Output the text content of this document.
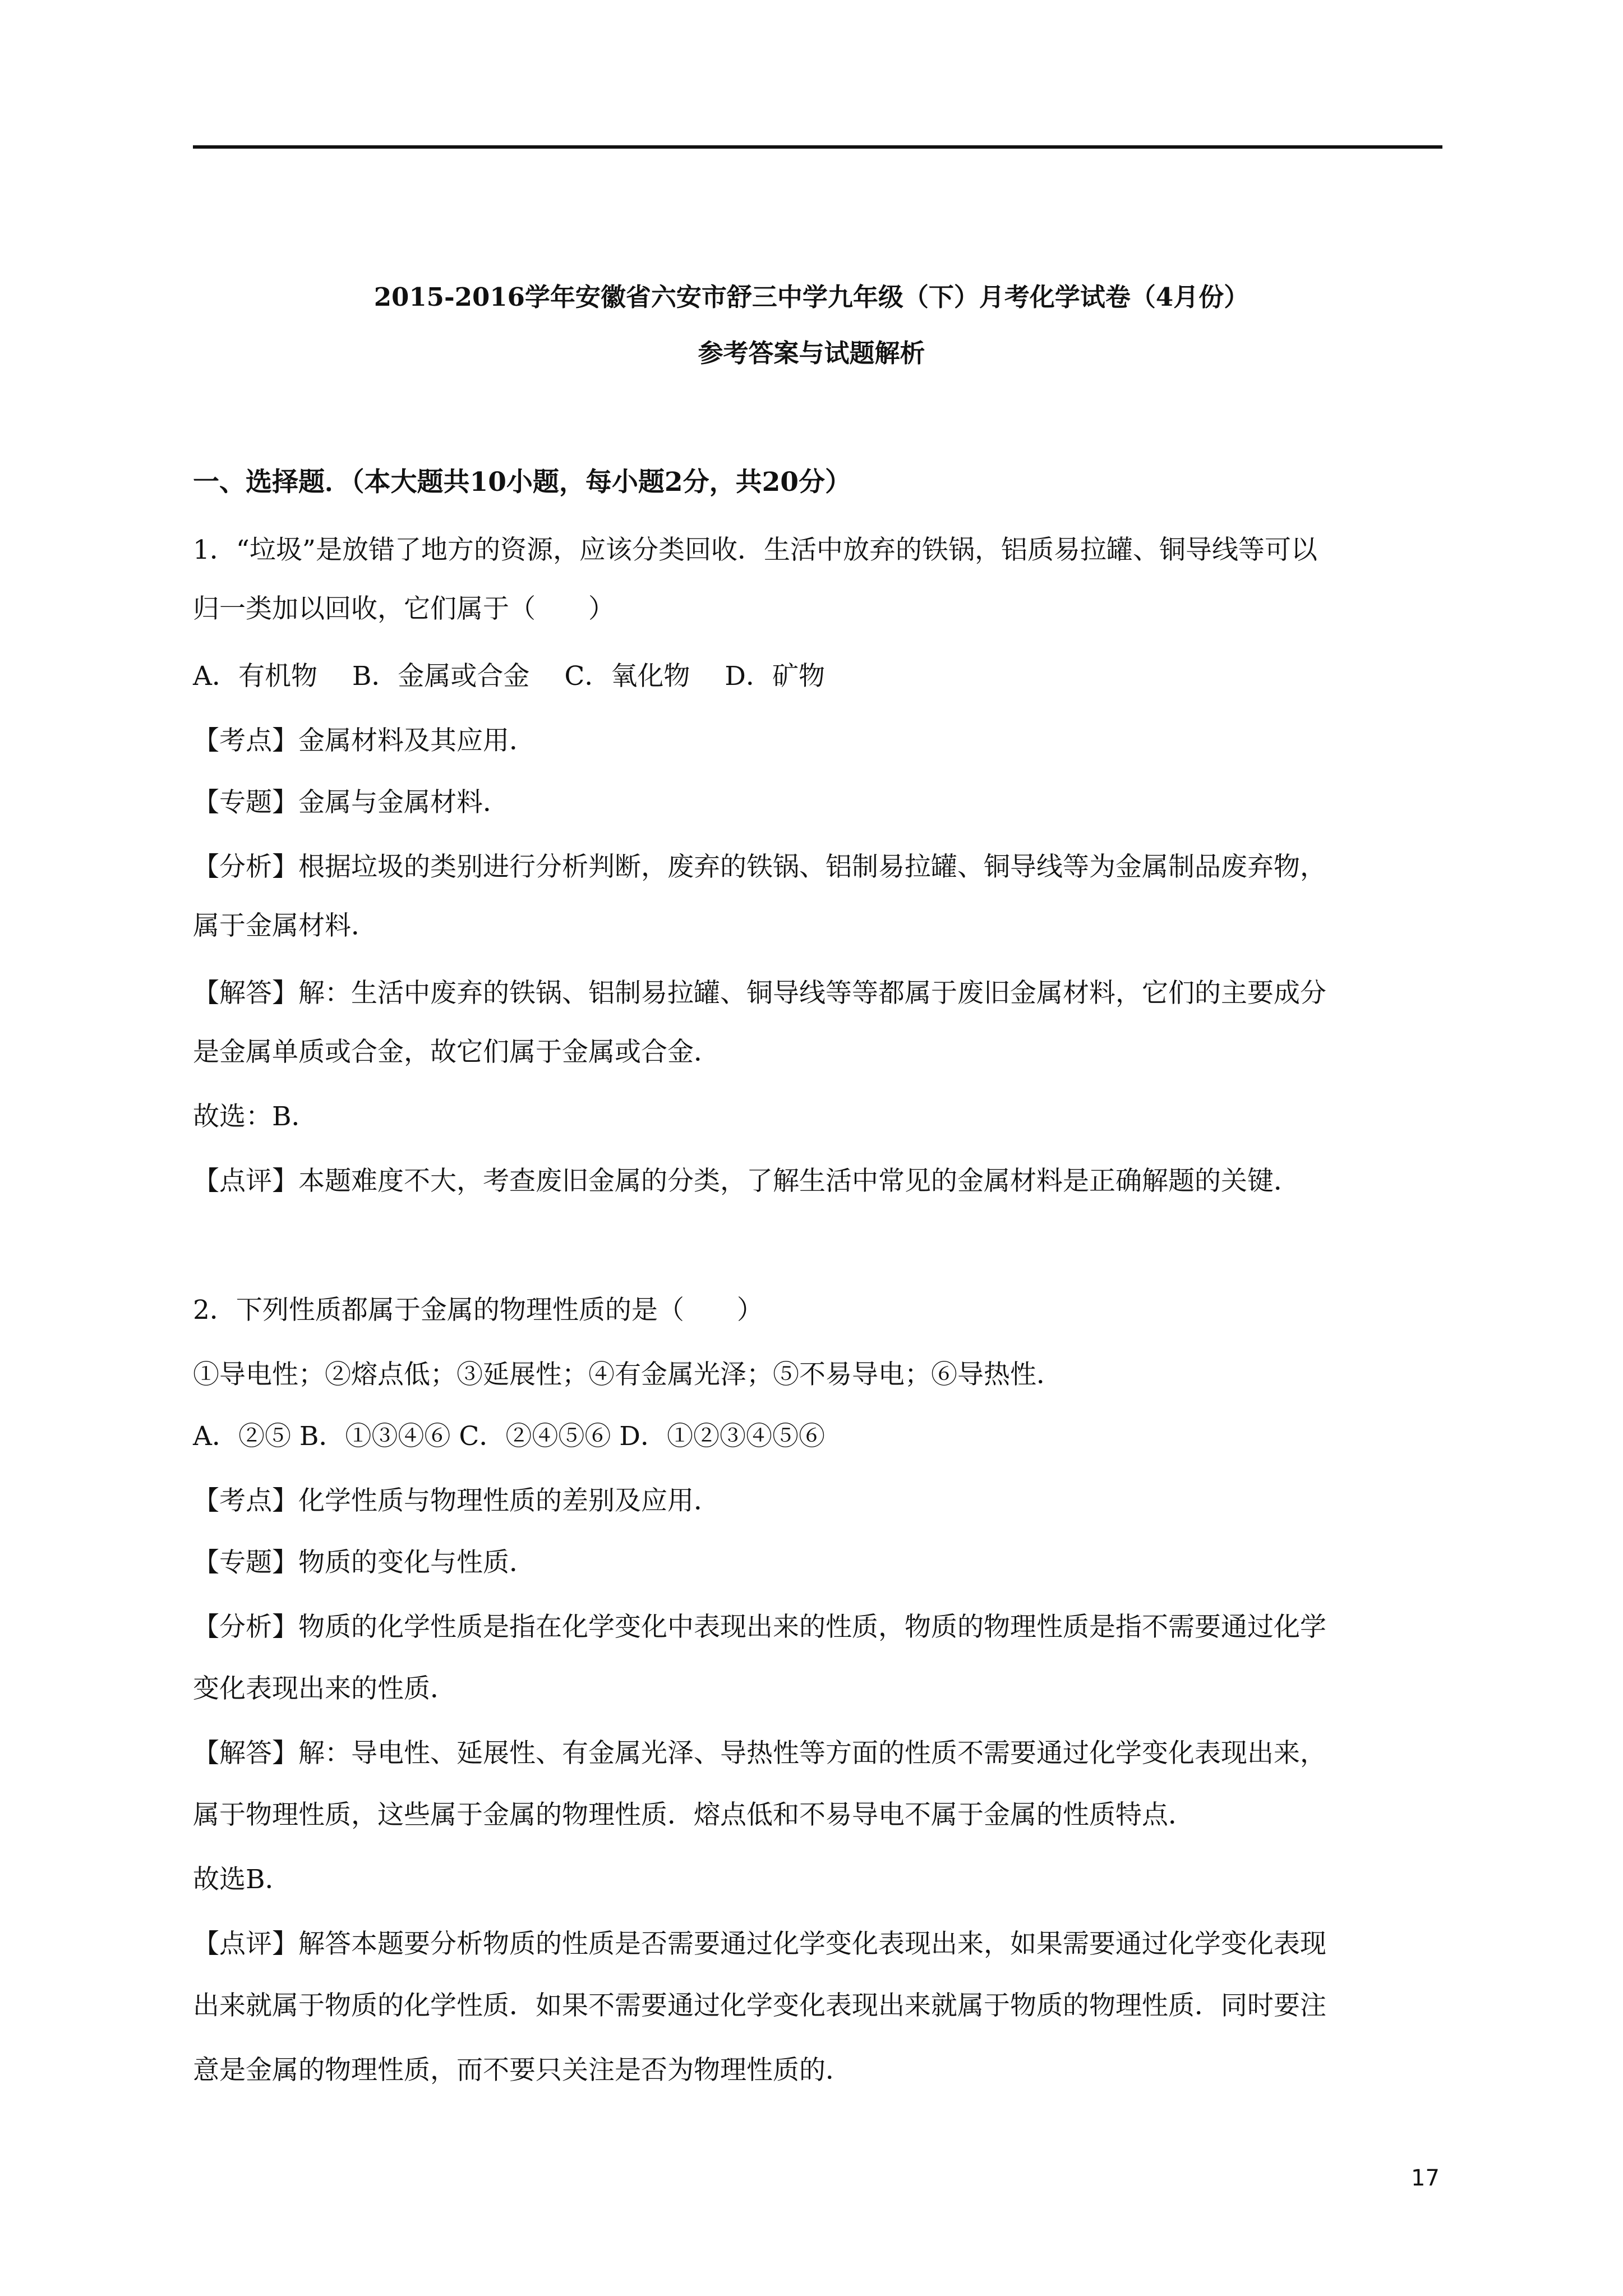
2015-2016学年安徽省六安市舒三中学九年级（下）月考化学试卷（4月份）
参考答案与试题解析
一、选择题．（本大题共10小题，每小题2分，共20分）
1．“垃圾”是放错了地方的资源，应该分类回收．生活中放弃的铁锅，铝质易拉罐、铜导线等可以
归一类加以回收，它们属于（　　）
A．有机物　 B．金属或合金　 C．氧化物　 D．矿物
【考点】金属材料及其应用．
【专题】金属与金属材料．
【分析】根据垃圾的类别进行分析判断，废弃的铁锅、铝制易拉罐、铜导线等为金属制品废弃物，
属于金属材料．
【解答】解：生活中废弃的铁锅、铝制易拉罐、铜导线等等都属于废旧金属材料，它们的主要成分
是金属单质或合金，故它们属于金属或合金．
故选：B．
【点评】本题难度不大，考查废旧金属的分类，了解生活中常见的金属材料是正确解题的关键．
2．下列性质都属于金属的物理性质的是（　　）
①导电性；②熔点低；③延展性；④有金属光泽；⑤不易导电；⑥导热性．
A．②⑤ B．①③④⑥ C．②④⑤⑥ D．①②③④⑤⑥
【考点】化学性质与物理性质的差别及应用．
【专题】物质的变化与性质．
【分析】物质的化学性质是指在化学变化中表现出来的性质，物质的物理性质是指不需要通过化学
变化表现出来的性质．
【解答】解：导电性、延展性、有金属光泽、导热性等方面的性质不需要通过化学变化表现出来，
属于物理性质，这些属于金属的物理性质．熔点低和不易导电不属于金属的性质特点．
故选B．
【点评】解答本题要分析物质的性质是否需要通过化学变化表现出来，如果需要通过化学变化表现
出来就属于物质的化学性质．如果不需要通过化学变化表现出来就属于物质的物理性质．同时要注
意是金属的物理性质，而不要只关注是否为物理性质的．
17
